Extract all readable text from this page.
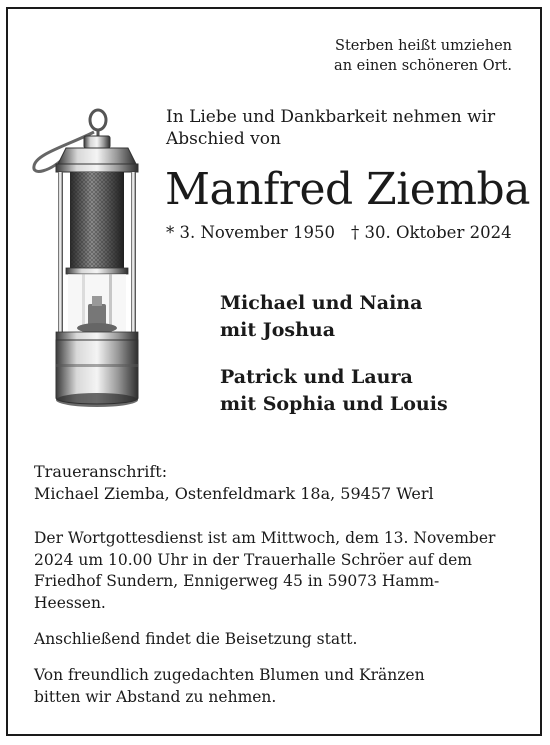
Sterben heißt umziehen
an einen schöneren Ort.
In Liebe und Dankbarkeit nehmen wir
Abschied von
Manfred Ziemba
* 3. November 1950 † 30. Oktober 2024
Michael und Naina
mit Joshua
Patrick und Laura
mit Sophia und Louis
Traueranschrift:
Michael Ziemba, Ostenfeldmark 18a, 59457 Werl
Der Wortgottesdienst ist am Mittwoch, dem 13. November
2024 um 10.00 Uhr in der Trauerhalle Schröer auf dem
Friedhof Sundern, Ennigerweg 45 in 59073 Hamm-
Heessen.
Anschließend findet die Beisetzung statt.
Von freundlich zugedachten Blumen und Kränzen
bitten wir Abstand zu nehmen.
